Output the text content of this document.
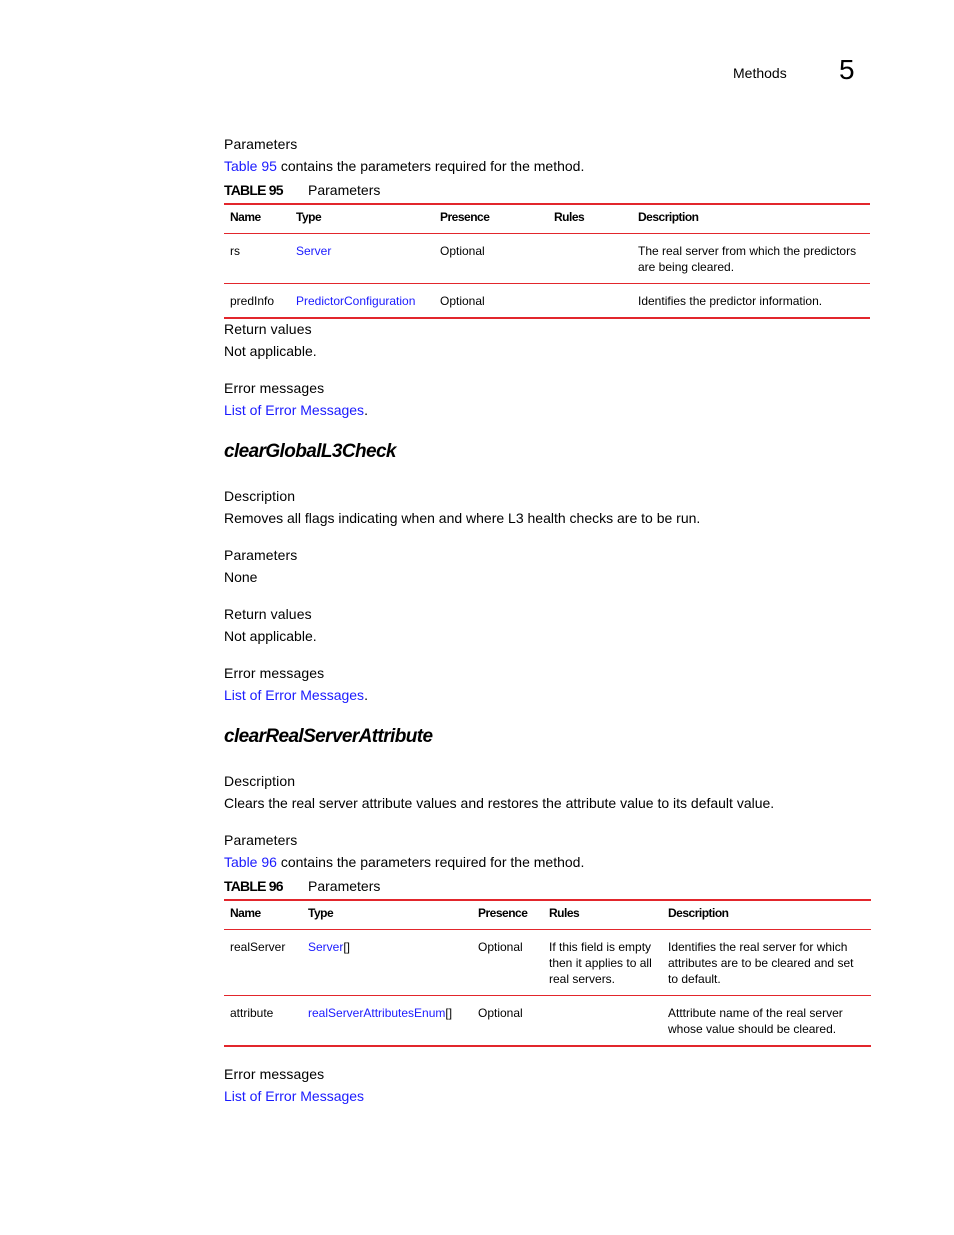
Methods 5
Parameters
Table 95 contains the parameters required for the method.
TABLE 95 Parameters
Name	Type	Presence	Rules	Description
rs	Server	Optional		The real server from which the predictors are being cleared.
predInfo	PredictorConfiguration	Optional		Identifies the predictor information.
Return values
Not applicable.
Error messages
List of Error Messages.
clearGlobalL3Check
Description
Removes all flags indicating when and where L3 health checks are to be run.
Parameters
None
Return values
Not applicable.
Error messages
List of Error Messages.
clearRealServerAttribute
Description
Clears the real server attribute values and restores the attribute value to its default value.
Parameters
Table 96 contains the parameters required for the method.
TABLE 96 Parameters
Name	Type	Presence	Rules	Description
realServer	Server[]	Optional	If this field is empty then it applies to all real servers.	Identifies the real server for which attributes are to be cleared and set to default.
attribute	realServerAttributesEnum[]	Optional		Atttribute name of the real server whose value should be cleared.
Error messages
List of Error Messages
